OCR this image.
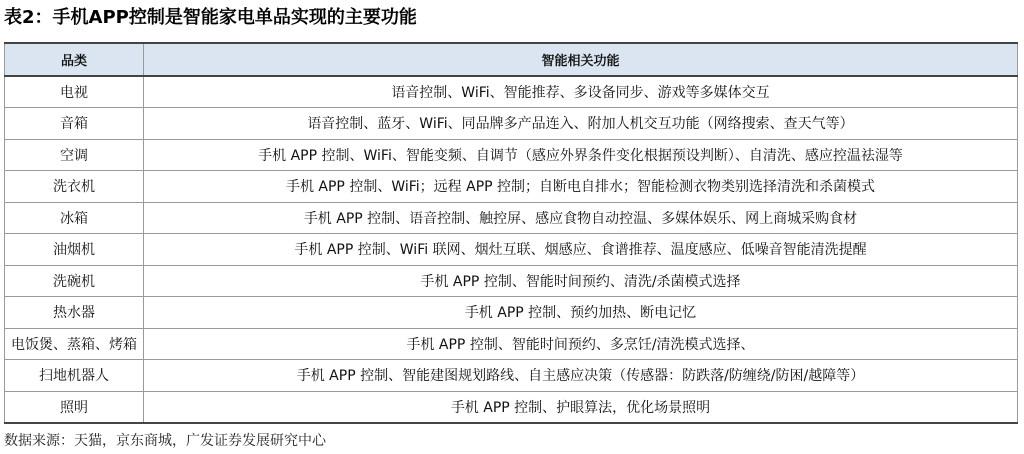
表2：手机APP控制是智能家电单品实现的主要功能
品类	智能相关功能
电视	语音控制、WiFi、智能推荐、多设备同步、游戏等多媒体交互
音箱	语音控制、蓝牙、WiFi、同品牌多产品连入、附加人机交互功能（网络搜索、查天气等）
空调	手机 APP 控制、WiFi、智能变频、自调节（感应外界条件变化根据预设判断）、自清洗、感应控温祛湿等
洗衣机	手机 APP 控制、WiFi；远程 APP 控制；自断电自排水；智能检测衣物类别选择清洗和杀菌模式
冰箱	手机 APP 控制、语音控制、触控屏、感应食物自动控温、多媒体娱乐、网上商城采购食材
油烟机	手机 APP 控制、WiFi 联网、烟灶互联、烟感应、食谱推荐、温度感应、低噪音智能清洗提醒
洗碗机	手机 APP 控制、智能时间预约、清洗/杀菌模式选择
热水器	手机 APP 控制、预约加热、断电记忆
电饭煲、蒸箱、烤箱	手机 APP 控制、智能时间预约、多烹饪/清洗模式选择、
扫地机器人	手机 APP 控制、智能建图规划路线、自主感应决策（传感器：防跌落/防缠绕/防困/越障等）
照明	手机 APP 控制、护眼算法，优化场景照明
数据来源：天猫，京东商城，广发证券发展研究中心
